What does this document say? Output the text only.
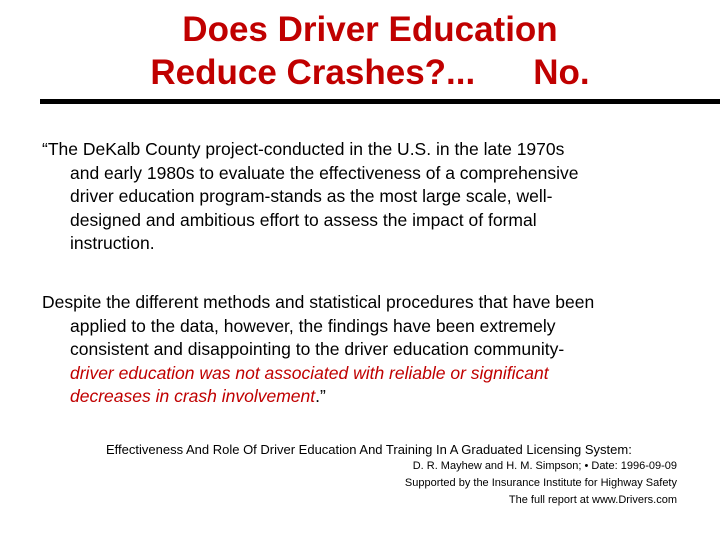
Does Driver Education
Reduce Crashes?... No.
“The DeKalb County project-conducted in the U.S. in the late 1970s
and early 1980s to evaluate the effectiveness of a comprehensive
driver education program-stands as the most large scale, well-
designed and ambitious effort to assess the impact of formal
instruction.
Despite the different methods and statistical procedures that have been
applied to the data, however, the findings have been extremely
consistent and disappointing to the driver education community-
driver education was not associated with reliable or significant
decreases in crash involvement.”
Effectiveness And Role Of Driver Education And Training In A Graduated Licensing System:
D. R. Mayhew and H. M. Simpson; • Date: 1996-09-09
Supported by the Insurance Institute for Highway Safety
The full report at www.Drivers.com
